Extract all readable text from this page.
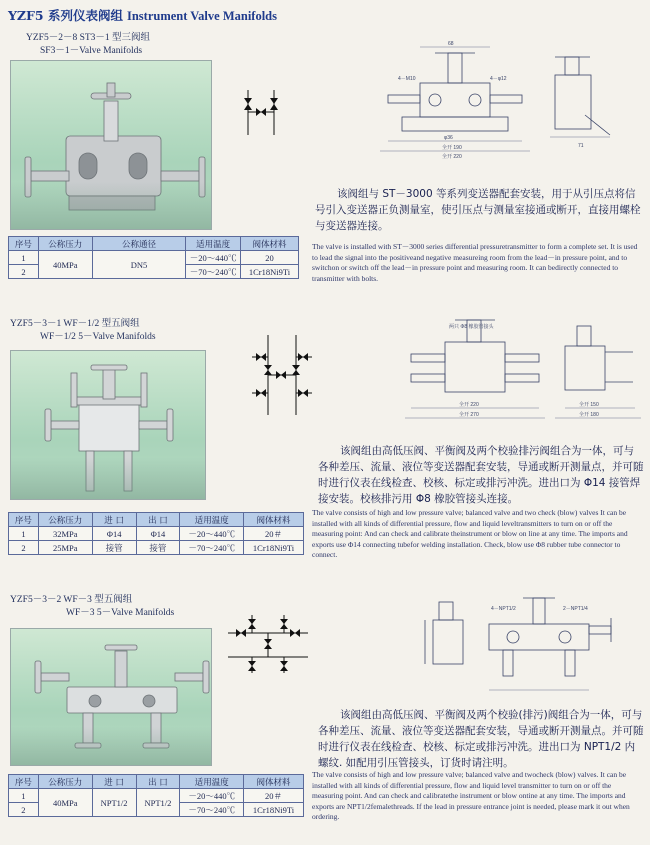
YZF5 系列仪表阀组 Instrument Valve Manifolds
YZF5－2－8 ST3－1 型三阀组
SF3－1－Valve Manifolds
68
4－M10	4－φ12
φ36
全开 190
全开 220
71
该阀组与 ST－3000 等系列变送器配套安装，用于从引压点将信号引入变送器正负测量室，使引压点与测量室接通或断开，直接用螺栓与变送器连接。
序号	公称压力	公称通径	适用温度	阀体材料
1	40MPa	DN5	－20～440℃	20
2			－70～240℃	1Cr18Ni9Ti
The valve is installed with ST－3000 series differential pressuretransmitter to form a complete set. It is used to lead the signal into the positiveand negative measureing room from the lead－in pressure point, and to switchon or switch off the lead－in pressure point and measuring room. It can bedirectly connected to transmitter with bolts.
YZF5－3－1 WF－1/2 型五阀组
WF－1/2 5－Valve Manifolds
两只 Φ8 橡胶管接头
全开 220
全开 270
全开 150
全开 180
该阀组由高低压阀、平衡阀及两个校验排污阀组合为一体，可与各种差压、流量、液位等变送器配套安装，导通或断开测量点，并可随时进行仪表在线检查、校核、标定或排污冲洗。进出口为 Φ14 接管焊接安装。校核排污用 Φ8 橡胶管接头连接。
序号	公称压力	进 口	出 口	适用温度	阀体材料
1	32MPa	Φ14	Φ14	－20～440℃	20＃
2	25MPa	接管	接管	－70～240℃	1Cr18Ni9Ti
The valve consists of high and low pressure valve; balanced valve and two check (blow) valves It can be installed with all kinds of differential pressure, flow and liquid leveltransmitters to turn on or off the measuring point: And can check and calibrate theinstrument or blow on line at any time. The imports and exports use Φ14 connecting tubefor welding installation. Check, blow use Φ8 rubber tube connector to connect.
YZF5－3－2 WF－3 型五阀组
WF－3 5－Valve Manifolds	4－NPT1/2	2－NPT1/4
该阀组由高低压阀、平衡阀及两个校验(排污)阀组合为一体，可与各种差压、流量、液位等变送器配套安装，导通或断开测量点。并可随时进行仪表在线检查、校核、标定或排污冲洗。进出口为 NPT1/2 内螺纹. 如配用引压管接头，订货时请注明。
序号	公称压力	进 口	出 口	适用温度	阀体材料
1	40MPa	NPT1/2	NPT1/2	－20～440℃	20＃
2				－70～240℃	1Cr18Ni9Ti
The valve consists of high and low pressure valve; balanced valve and twocheck (blow) valves. It can be installed with all kinds of differential pressure, flow and liquid level transmitter to turn on or off the measuring point. And can check and calibratethe instrument or blow ontine at any time. The imports and exports are NPT1/2femalethreads. If the lead in pressure entrance joint is needed, please mark it out when ordering.
